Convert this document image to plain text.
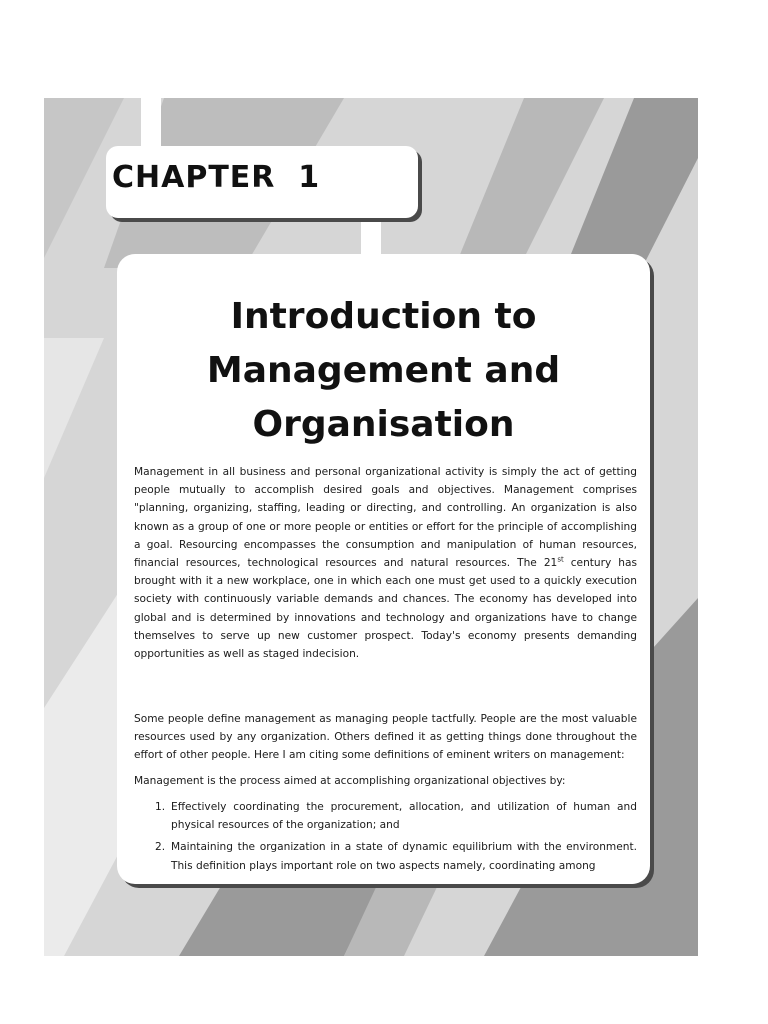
CHAPTER  1
Introduction to
Management and
Organisation

Management in all business and personal organizational activity is simply the act of getting people mutually to accomplish desired goals and objectives. Management comprises "planning, organizing, staffing, leading or directing, and controlling. An organization is also known as a group of one or more people or entities or effort for the principle of accomplishing a goal. Resourcing encompasses the consumption and manipulation of human resources, financial resources, technological resources and natural resources. The 21st century has brought with it a new workplace, one in which each one must get used to a quickly execution society with continuously variable demands and chances. The economy has developed into global and is determined by innovations and technology and organizations have to change themselves to serve up new customer prospect. Today's economy presents demanding opportunities as well as staged indecision.

Some people define management as managing people tactfully. People are the most valuable resources used by any organization. Others defined it as getting things done throughout the effort of other people. Here I am citing some definitions of eminent writers on management:

Management is the process aimed at accomplishing organizational objectives by:

1. Effectively coordinating the procurement, allocation, and utilization of human and physical resources of the organization; and
2. Maintaining the organization in a state of dynamic equilibrium with the environment. This definition plays important role on two aspects namely, coordinating among
